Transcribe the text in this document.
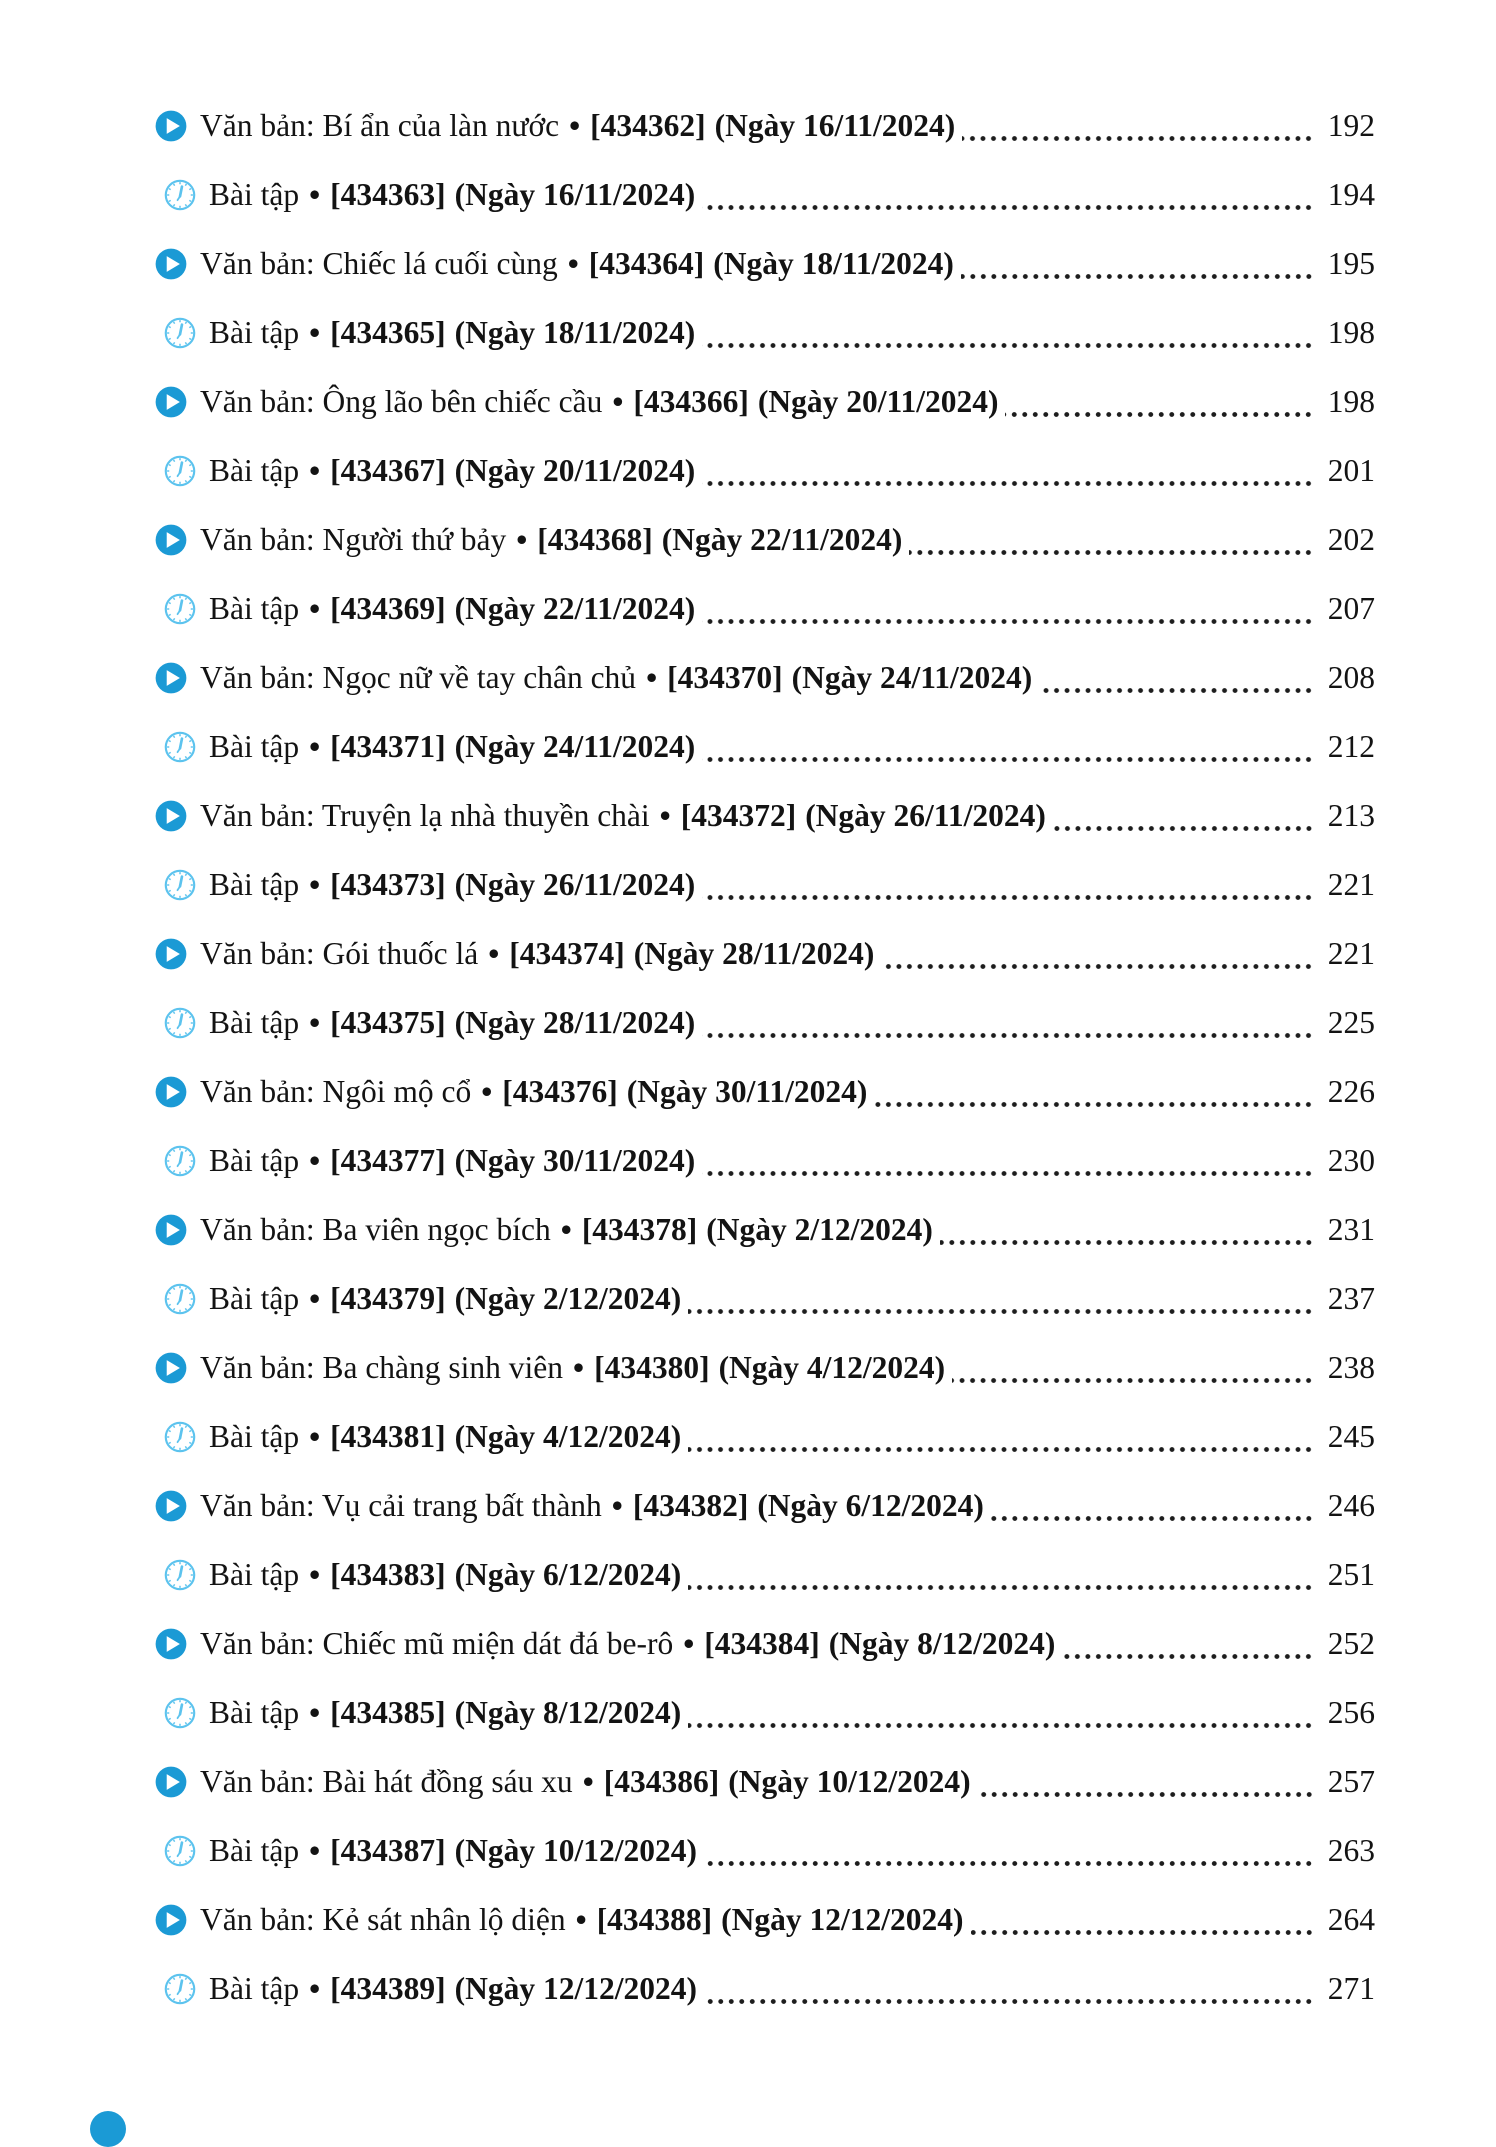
Văn bản: Bí ẩn của làn nước • [434362] (Ngày 16/11/2024)	192
Bài tập • [434363] (Ngày 16/11/2024)	194
Văn bản: Chiếc lá cuối cùng • [434364] (Ngày 18/11/2024)	195
Bài tập • [434365] (Ngày 18/11/2024)	198
Văn bản: Ông lão bên chiếc cầu • [434366] (Ngày 20/11/2024)	198
Bài tập • [434367] (Ngày 20/11/2024)	201
Văn bản: Người thứ bảy • [434368] (Ngày 22/11/2024)	202
Bài tập • [434369] (Ngày 22/11/2024)	207
Văn bản: Ngọc nữ về tay chân chủ • [434370] (Ngày 24/11/2024)	208
Bài tập • [434371] (Ngày 24/11/2024)	212
Văn bản: Truyện lạ nhà thuyền chài • [434372] (Ngày 26/11/2024)	213
Bài tập • [434373] (Ngày 26/11/2024)	221
Văn bản: Gói thuốc lá • [434374] (Ngày 28/11/2024)	221
Bài tập • [434375] (Ngày 28/11/2024)	225
Văn bản: Ngôi mộ cổ • [434376] (Ngày 30/11/2024)	226
Bài tập • [434377] (Ngày 30/11/2024)	230
Văn bản: Ba viên ngọc bích • [434378] (Ngày 2/12/2024)	231
Bài tập • [434379] (Ngày 2/12/2024)	237
Văn bản: Ba chàng sinh viên • [434380] (Ngày 4/12/2024)	238
Bài tập • [434381] (Ngày 4/12/2024)	245
Văn bản: Vụ cải trang bất thành • [434382] (Ngày 6/12/2024)	246
Bài tập • [434383] (Ngày 6/12/2024)	251
Văn bản: Chiếc mũ miện dát đá be-rô • [434384] (Ngày 8/12/2024)	252
Bài tập • [434385] (Ngày 8/12/2024)	256
Văn bản: Bài hát đồng sáu xu • [434386] (Ngày 10/12/2024)	257
Bài tập • [434387] (Ngày 10/12/2024)	263
Văn bản: Kẻ sát nhân lộ diện • [434388] (Ngày 12/12/2024)	264
Bài tập • [434389] (Ngày 12/12/2024)	271
